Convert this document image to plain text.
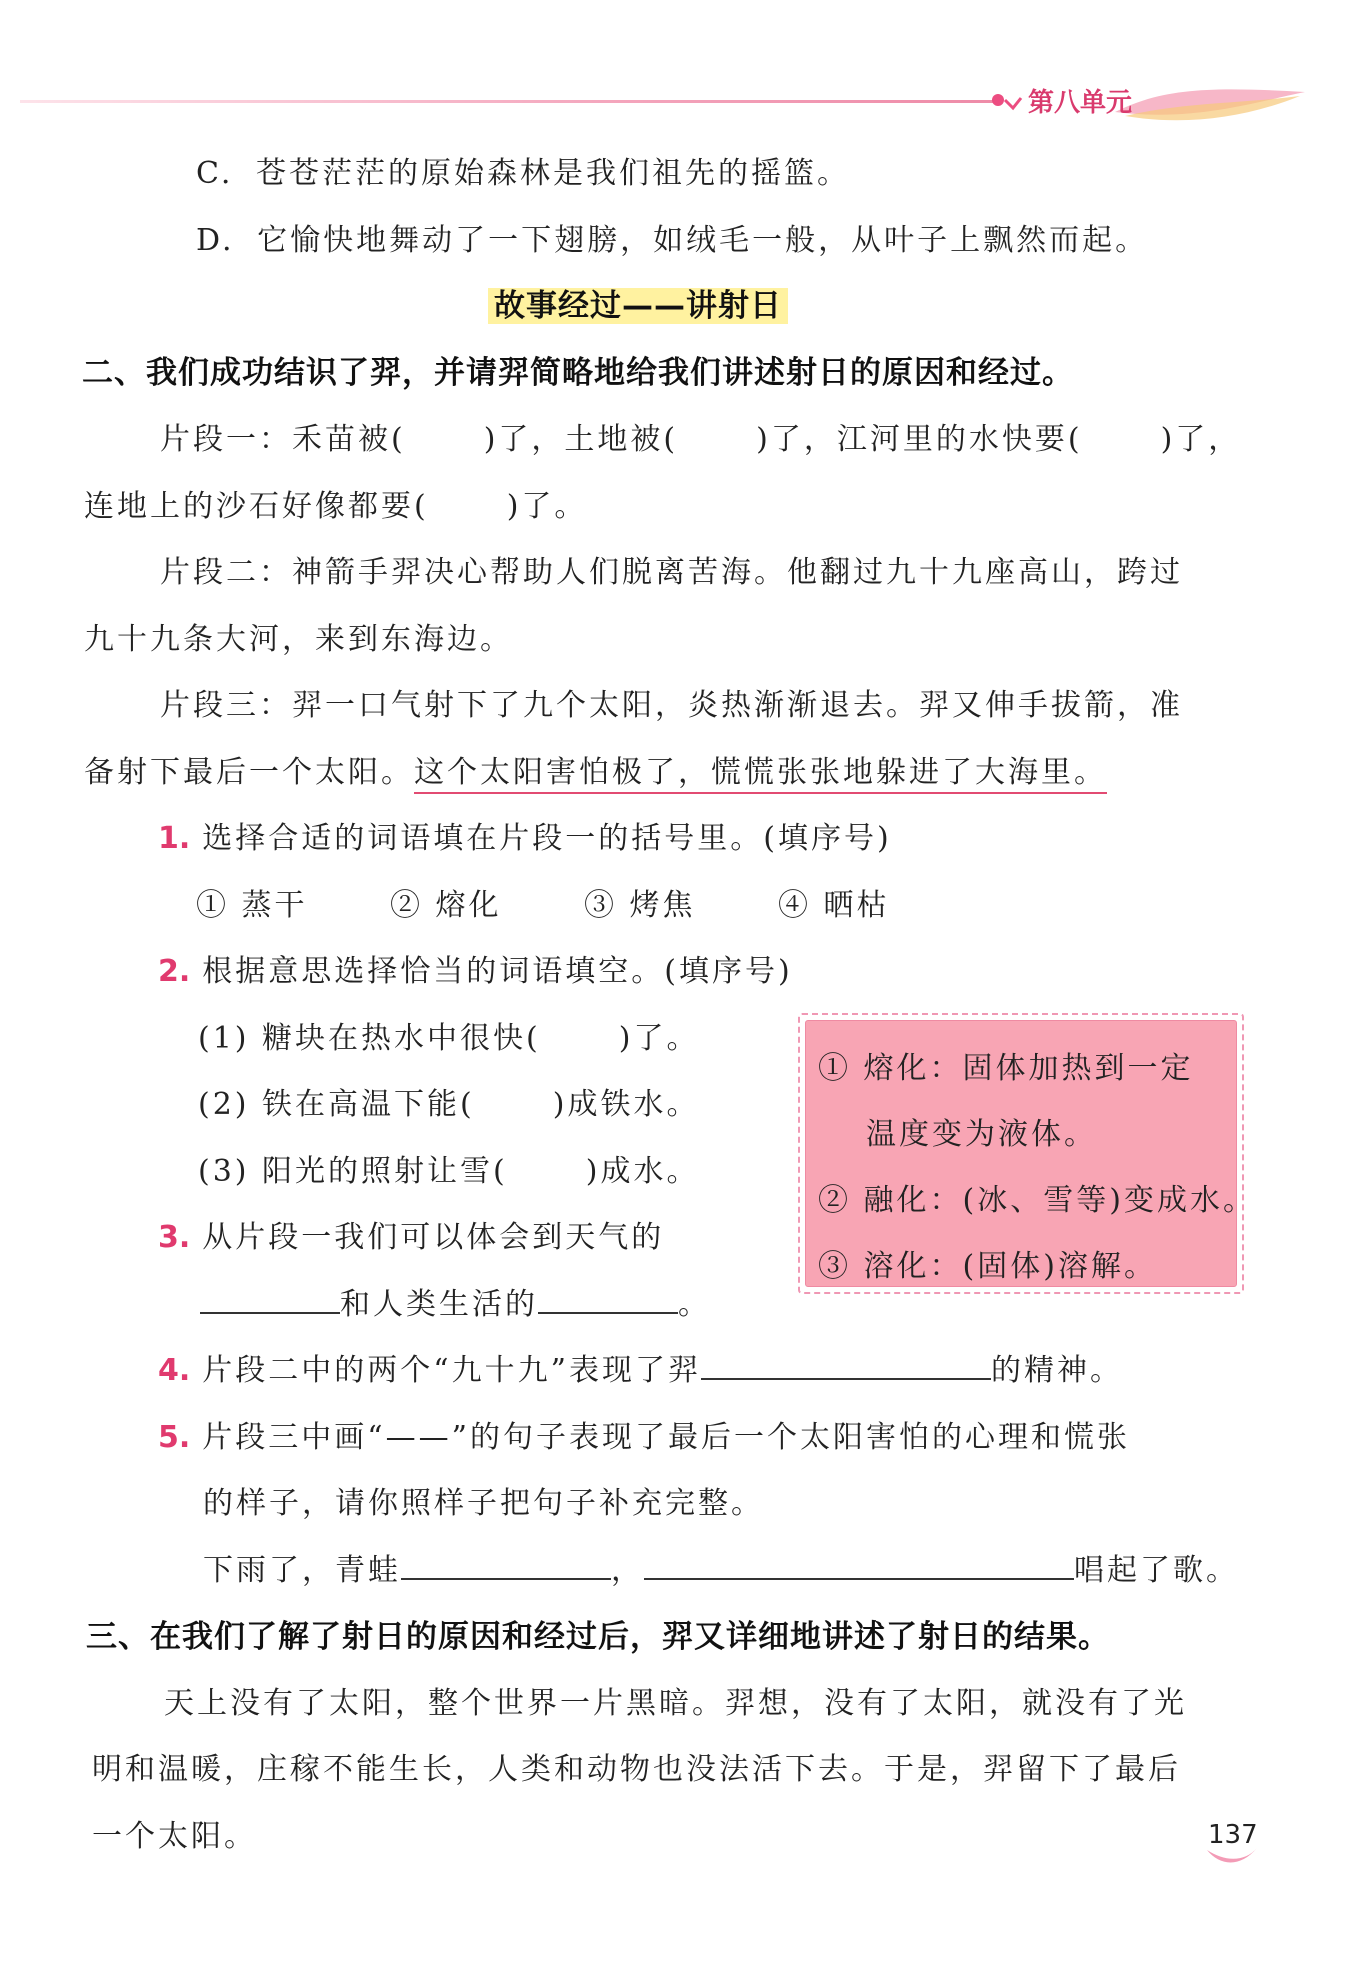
第八单元
C. 苍苍茫茫的原始森林是我们祖先的摇篮。
D. 它愉快地舞动了一下翅膀，如绒毛一般，从叶子上飘然而起。
故事经过——讲射日
二、我们成功结识了羿，并请羿简略地给我们讲述射日的原因和经过。
片段一：禾苗被(	)了，土地被(	)了，江河里的水快要(	)了，
连地上的沙石好像都要(	)了。
片段二：神箭手羿决心帮助人们脱离苦海。他翻过九十九座高山，跨过
九十九条大河，来到东海边。
片段三：羿一口气射下了九个太阳，炎热渐渐退去。羿又伸手拔箭，准
备射下最后一个太阳。这个太阳害怕极了，慌慌张张地躲进了大海里。
1. 选择合适的词语填在片段一的括号里。(填序号)
① 蒸干	② 熔化	③ 烤焦	④ 晒枯
2. 根据意思选择恰当的词语填空。(填序号)
(1) 糖块在热水中很快(	)了。
(2) 铁在高温下能(	)成铁水。
(3) 阳光的照射让雪(	)成水。
① 熔化：固体加热到一定
温度变为液体。
② 融化：(冰、雪等)变成水。
③ 溶化：(固体)溶解。
3. 从片段一我们可以体会到天气的
和人类生活的	。
4. 片段二中的两个“九十九”表现了羿	的精神。
5. 片段三中画“——”的句子表现了最后一个太阳害怕的心理和慌张
的样子，请你照样子把句子补充完整。
下雨了，青蛙	，	唱起了歌。
三、在我们了解了射日的原因和经过后，羿又详细地讲述了射日的结果。
天上没有了太阳，整个世界一片黑暗。羿想，没有了太阳，就没有了光
明和温暖，庄稼不能生长，人类和动物也没法活下去。于是，羿留下了最后
一个太阳。	137
